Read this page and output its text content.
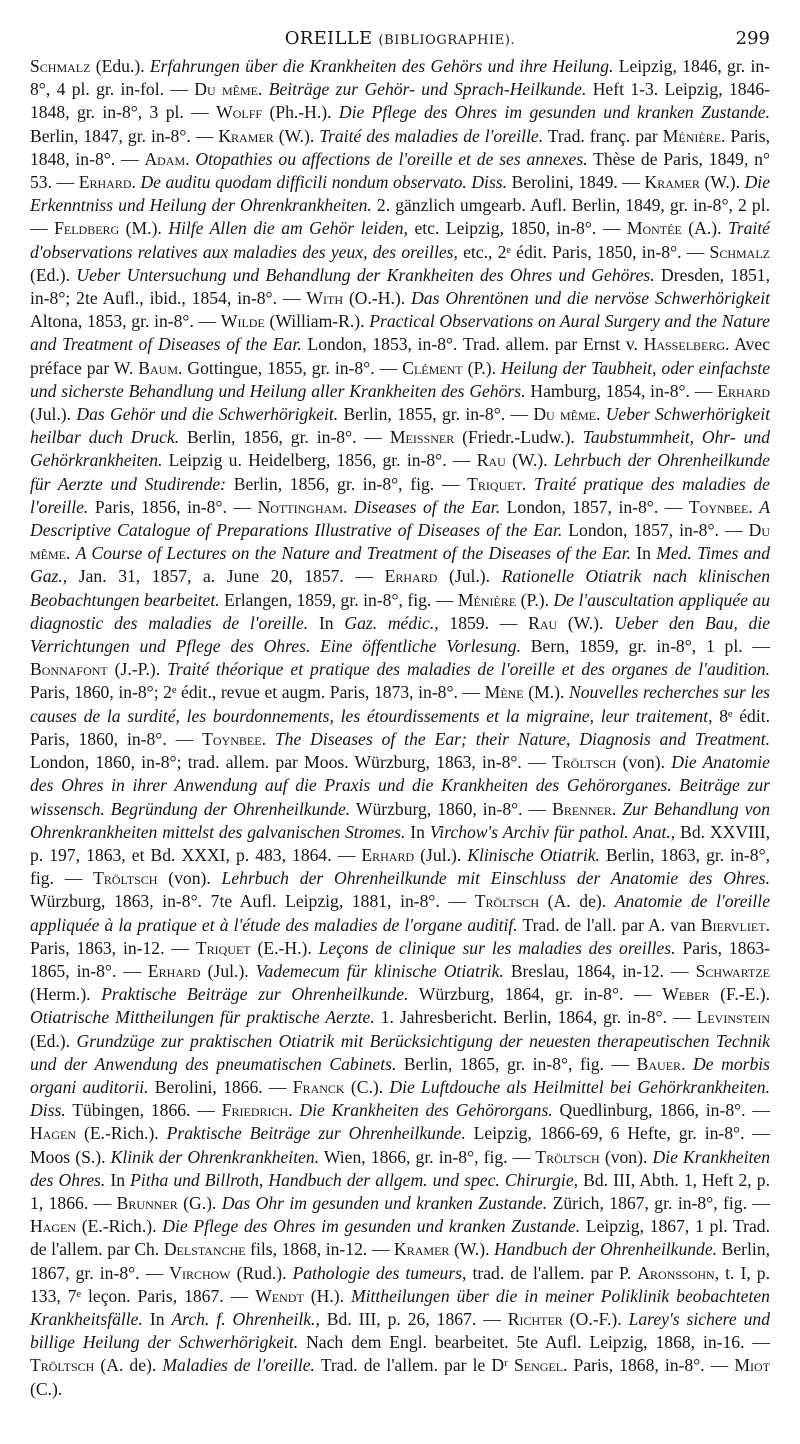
OREILLE (BIBLIOGRAPHIE).	299
Schmalz (Edu.). Erfahrungen über die Krankheiten des Gehörs und ihre Heilung. Leipzig, 1846, gr. in-8°, 4 pl. gr. in-fol. — Du même. Beiträge zur Gehör- und Sprach-Heilkunde. Heft 1-3. Leipzig, 1846-1848, gr. in-8°, 3 pl. — Wolff (Ph.-H.). Die Pflege des Ohres im gesunden und kranken Zustande. Berlin, 1847, gr. in-8°. — Kramer (W.). Traité des maladies de l'oreille. Trad. franç. par Ménière. Paris, 1848, in-8°. — Adam. Otopathies ou affections de l'oreille et de ses annexes. Thèse de Paris, 1849, n° 53. — Erhard. De auditu quodam difficili nondum observato. Diss. Berolini, 1849. — Kramer (W.). Die Erkenntniss und Heilung der Ohrenkrankheiten. 2. gänzlich umgearb. Aufl. Berlin, 1849, gr. in-8°, 2 pl. — Feldberg (M.). Hilfe Allen die am Gehör leiden, etc. Leipzig, 1850, in-8°. — Montée (A.). Traité d'observations relatives aux maladies des yeux, des oreilles, etc., 2ᵉ édit. Paris, 1850, in-8°. — Schmalz (Ed.). Ueber Untersuchung und Behandlung der Krankheiten des Ohres und Gehöres. Dresden, 1851, in-8°; 2te Aufl., ibid., 1854, in-8°. — With (O.-H.). Das Ohrentönen und die nervöse Schwerhörigkeit Altona, 1853, gr. in-8°. — Wilde (William-R.). Practical Observations on Aural Surgery and the Nature and Treatment of Diseases of the Ear. London, 1853, in-8°. Trad. allem. par Ernst v. Hasselberg. Avec préface par W. Baum. Gottingue, 1855, gr. in-8°. — Clément (P.). Heilung der Taubheit, oder einfachste und sicherste Behandlung und Heilung aller Krankheiten des Gehörs. Hamburg, 1854, in-8°. — Erhard (Jul.). Das Gehör und die Schwerhörigkeit. Berlin, 1855, gr. in-8°. — Du même. Ueber Schwerhörigkeit heilbar duch Druck. Berlin, 1856, gr. in-8°. — Meissner (Friedr.-Ludw.). Taubstummheit, Ohr- und Gehörkrankheiten. Leipzig u. Heidelberg, 1856, gr. in-8°. — Rau (W.). Lehrbuch der Ohrenheilkunde für Aerzte und Studirende: Berlin, 1856, gr. in-8°, fig. — Triquet. Traité pratique des maladies de l'oreille. Paris, 1856, in-8°. — Nottingham. Diseases of the Ear. London, 1857, in-8°. — Toynbee. A Descriptive Catalogue of Preparations Illustrative of Diseases of the Ear. London, 1857, in-8°. — Du même. A Course of Lectures on the Nature and Treatment of the Diseases of the Ear. In Med. Times and Gaz., Jan. 31, 1857, a. June 20, 1857. — Erhard (Jul.). Rationelle Otiatrik nach klinischen Beobachtungen bearbeitet. Erlangen, 1859, gr. in-8°, fig. — Ménière (P.). De l'auscultation appliquée au diagnostic des maladies de l'oreille. In Gaz. médic., 1859. — Rau (W.). Ueber den Bau, die Verrichtungen und Pflege des Ohres. Eine öffentliche Vorlesung. Bern, 1859, gr. in-8°, 1 pl. — Bonnafont (J.-P.). Traité théorique et pratique des maladies de l'oreille et des organes de l'audition. Paris, 1860, in-8°; 2ᵉ édit., revue et augm. Paris, 1873, in-8°. — Mène (M.). Nouvelles recherches sur les causes de la surdité, les bourdonnements, les étourdissements et la migraine, leur traitement, 8ᵉ édit. Paris, 1860, in-8°. — Toynbee. The Diseases of the Ear; their Nature, Diagnosis and Treatment. London, 1860, in-8°; trad. allem. par Moos. Würzburg, 1863, in-8°. — Tröltsch (von). Die Anatomie des Ohres in ihrer Anwendung auf die Praxis und die Krankheiten des Gehörorganes. Beiträge zur wissensch. Begründung der Ohrenheilkunde. Würzburg, 1860, in-8°. — Brenner. Zur Behandlung von Ohrenkrankheiten mittelst des galvanischen Stromes. In Virchow's Archiv für pathol. Anat., Bd. XXVIII, p. 197, 1863, et Bd. XXXI, p. 483, 1864. — Erhard (Jul.). Klinische Otiatrik. Berlin, 1863, gr. in-8°, fig. — Tröltsch (von). Lehrbuch der Ohrenheilkunde mit Einschluss der Anatomie des Ohres. Würzburg, 1863, in-8°. 7te Aufl. Leipzig, 1881, in-8°. — Tröltsch (A. de). Anatomie de l'oreille appliquée à la pratique et à l'étude des maladies de l'organe auditif. Trad. de l'all. par A. van Biervliet. Paris, 1863, in-12. — Triquet (E.-H.). Leçons de clinique sur les maladies des oreilles. Paris, 1863-1865, in-8°. — Erhard (Jul.). Vademecum für klinische Otiatrik. Breslau, 1864, in-12. — Schwartze (Herm.). Praktische Beiträge zur Ohrenheilkunde. Würzburg, 1864, gr. in-8°. — Weber (F.-E.). Otiatrische Mittheilungen für praktische Aerzte. 1. Jahresbericht. Berlin, 1864, gr. in-8°. — Levinstein (Ed.). Grundzüge zur praktischen Otiatrik mit Berücksichtigung der neuesten therapeutischen Technik und der Anwendung des pneumatischen Cabinets. Berlin, 1865, gr. in-8°, fig. — Bauer. De morbis organi auditorii. Berolini, 1866. — Franck (C.). Die Luftdouche als Heilmittel bei Gehörkrankheiten. Diss. Tübingen, 1866. — Friedrich. Die Krankheiten des Gehörorgans. Quedlinburg, 1866, in-8°. — Hagen (E.-Rich.). Praktische Beiträge zur Ohrenheilkunde. Leipzig, 1866-69, 6 Hefte, gr. in-8°. — Moos (S.). Klinik der Ohrenkrankheiten. Wien, 1866, gr. in-8°, fig. — Tröltsch (von). Die Krankheiten des Ohres. In Pitha und Billroth, Handbuch der allgem. und spec. Chirurgie, Bd. III, Abth. 1, Heft 2, p. 1, 1866. — Brunner (G.). Das Ohr im gesunden und kranken Zustande. Zürich, 1867, gr. in-8°, fig. — Hagen (E.-Rich.). Die Pflege des Ohres im gesunden und kranken Zustande. Leipzig, 1867, 1 pl. Trad. de l'allem. par Ch. Delstanche fils, 1868, in-12. — Kramer (W.). Handbuch der Ohrenheilkunde. Berlin, 1867, gr. in-8°. — Virchow (Rud.). Pathologie des tumeurs, trad. de l'allem. par P. Aronssohn, t. I, p. 133, 7ᵉ leçon. Paris, 1867. — Wendt (H.). Mittheilungen über die in meiner Poliklinik beobachteten Krankheitsfälle. In Arch. f. Ohrenheilk., Bd. III, p. 26, 1867. — Richter (O.-F.). Larey's sichere und billige Heilung der Schwerhörigkeit. Nach dem Engl. bearbeitet. 5te Aufl. Leipzig, 1868, in-16. — Tröltsch (A. de). Maladies de l'oreille. Trad. de l'allem. par le Dʳ Sengel. Paris, 1868, in-8°. — Miot (C.).
